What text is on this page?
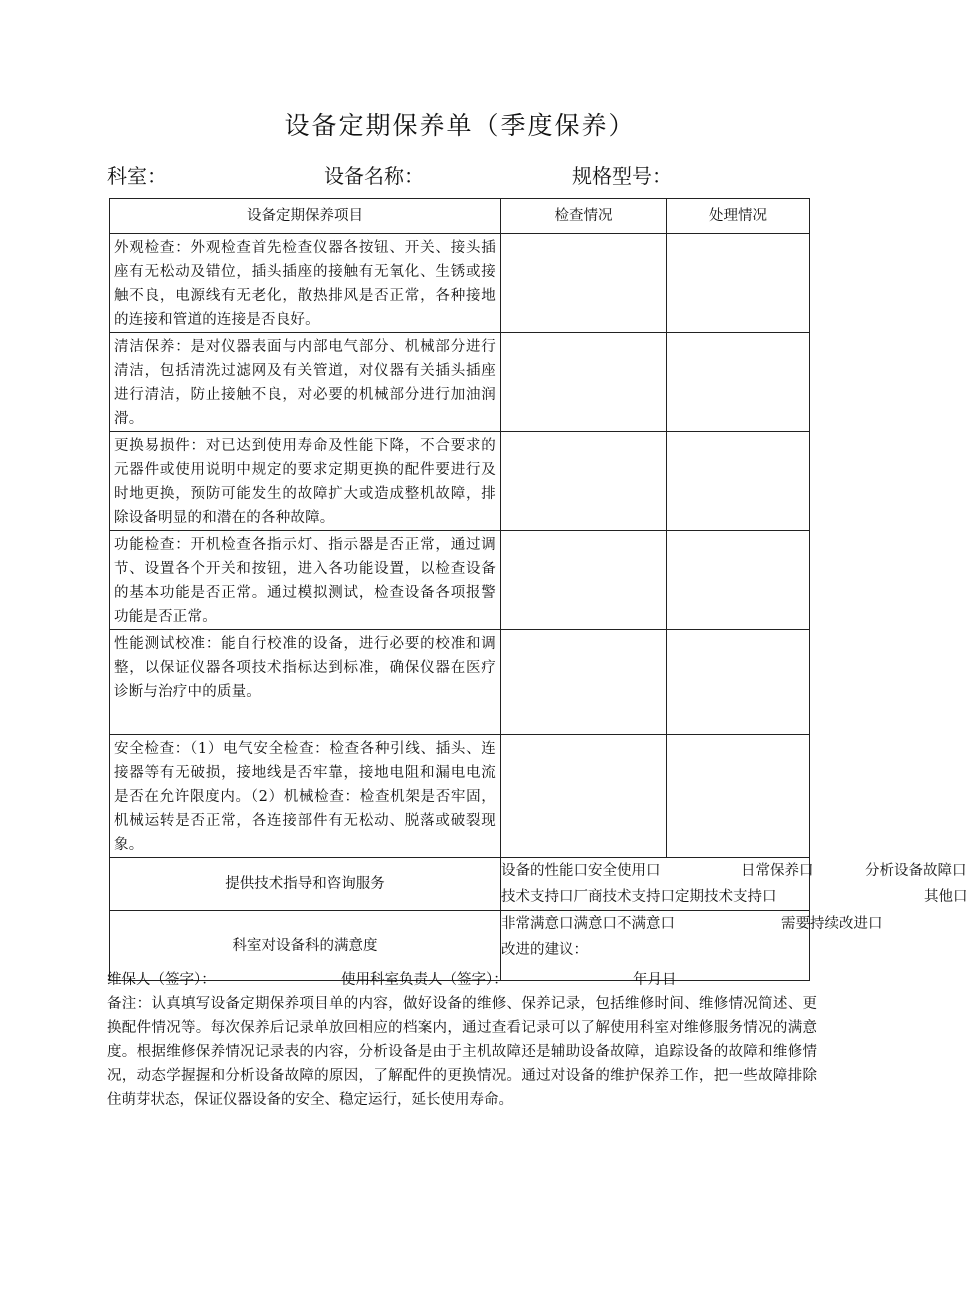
设备定期保养单（季度保养）
科室：	设备名称：	规格型号：
设备定期保养项目	检查情况	处理情况
外观检查：外观检查首先检查仪器各按钮、开关、接头插座有无松动及错位，插头插座的接触有无氧化、生锈或接触不良，电源线有无老化，散热排风是否正常，各种接地的连接和管道的连接是否良好。		
清洁保养：是对仪器表面与内部电气部分、机械部分进行清洁，包括清洗过滤网及有关管道，对仪器有关插头插座进行清洁，防止接触不良，对必要的机械部分进行加油润滑。		
更换易损件：对已达到使用寿命及性能下降，不合要求的元器件或使用说明中规定的要求定期更换的配件要进行及时地更换，预防可能发生的故障扩大或造成整机故障，排除设备明显的和潜在的各种故障。		
功能检查：开机检查各指示灯、指示器是否正常，通过调节、设置各个开关和按钮，进入各功能设置，以检查设备的基本功能是否正常。通过模拟测试，检查设备各项报警功能是否正常。		
性能测试校准：能自行校准的设备，进行必要的校准和调整，以保证仪器各项技术指标达到标准，确保仪器在医疗诊断与治疗中的质量。		
安全检查：（1）电气安全检查：检查各种引线、插头、连接器等有无破损，接地线是否牢靠，接地电阻和漏电电流是否在允许限度内。（2）机械检查：检查机架是否牢固，机械运转是否正常，各连接部件有无松动、脱落或破裂现象。		
提供技术指导和咨询服务	设备的性能口安全使用口 日常保养口 分析设备故障口
技术支持口厂商技术支持口定期技术支持口 其他口	

科室对设备科的满意度	非常满意口满意口不满意口 需要持续改进口
改进的建议：	
维保人（签字）：	使用科室负责人（签字）：	年月日

备注：认真填写设备定期保养项目单的内容，做好设备的维修、保养记录，包括维修时间、维修情况简述、更换配件情况等。每次保养后记录单放回相应的档案内，通过查看记录可以了解使用科室对维修服务情况的满意度。根据维修保养情况记录表的内容，分析设备是由于主机故障还是辅助设备故障，追踪设备的故障和维修情况，动态学握握和分析设备故障的原因，了解配件的更换情况。通过对设备的维护保养工作，把一些故障排除住萌芽状态，保证仪器设备的安全、稳定运行，延长使用寿命。
